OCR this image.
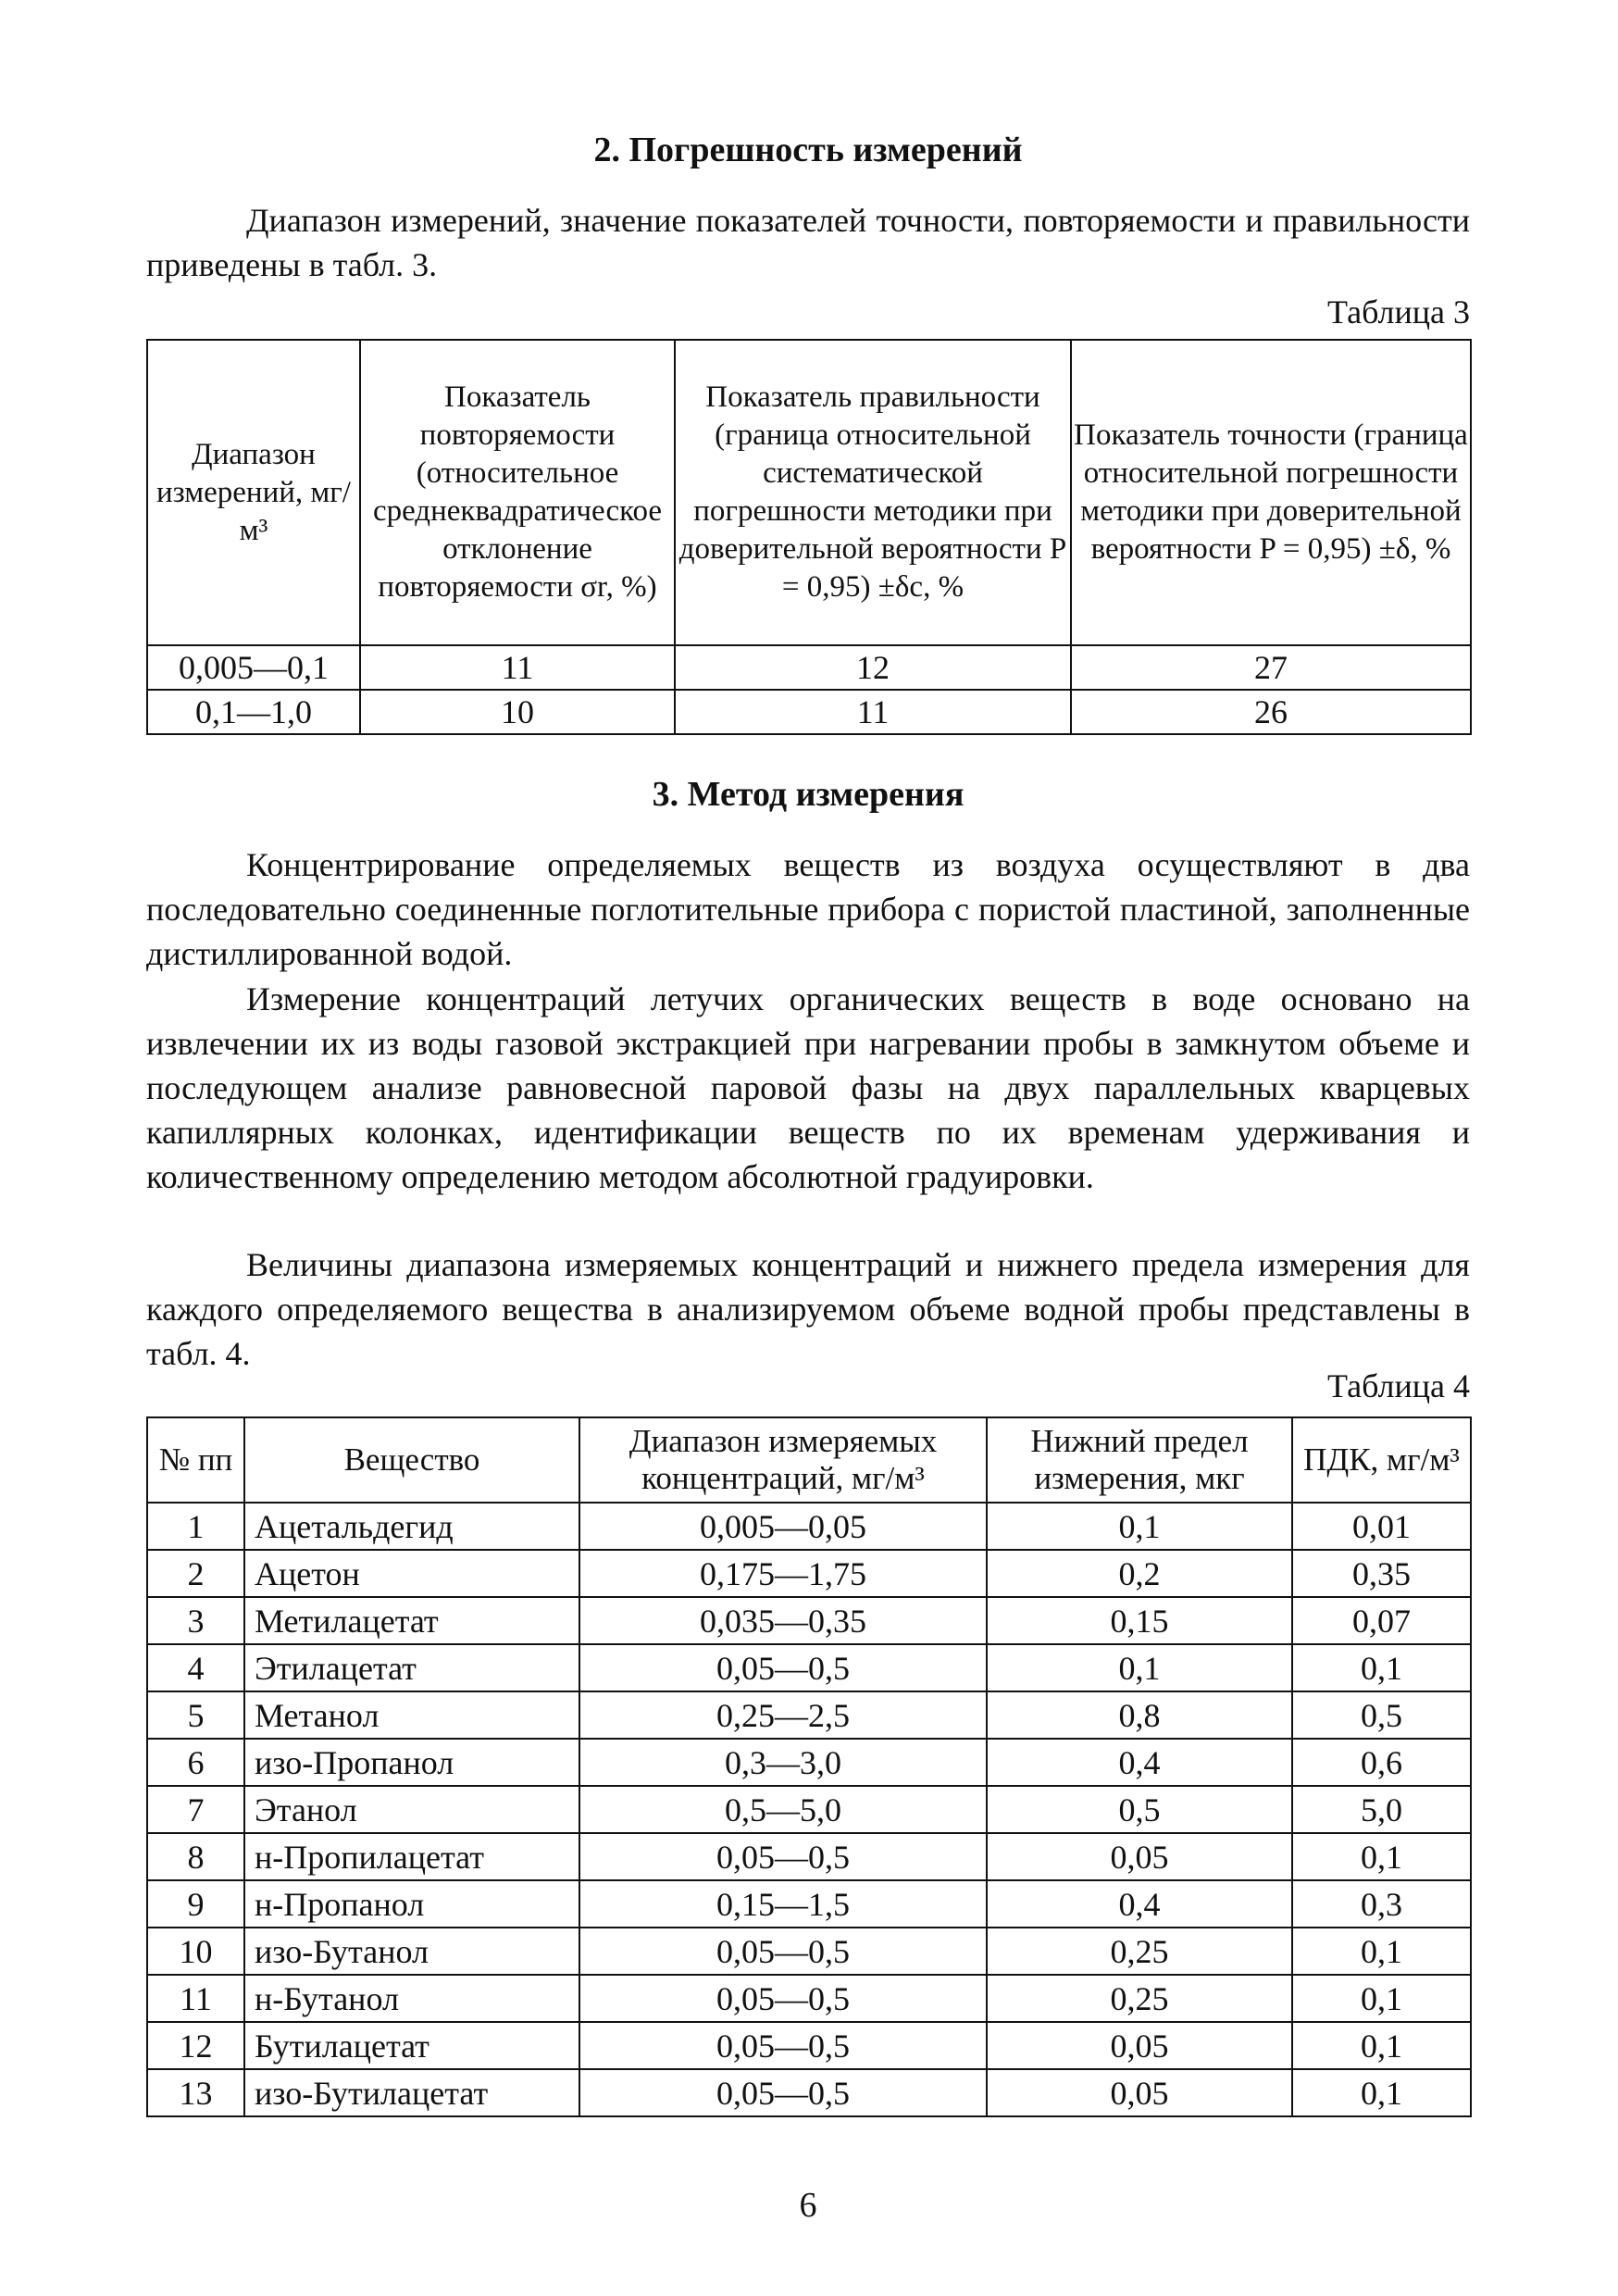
2. Погрешность измерений

Диапазон измерений, значение показателей точности, повторяемости и правильности приведены в табл. 3.

Таблица 3

Диапазон измерений, мг/м³	Показатель повторяемости (относительное среднеквадратическое отклонение повторяемости σr, %)	Показатель правильности (граница относительной систематической погрешности методики при доверительной вероятности P = 0,95) ±δc, %	Показатель точности (граница относительной погрешности методики при доверительной вероятности P = 0,95) ±δ, %
0,005—0,1	11	12	27
0,1—1,0	10	11	26
3. Метод измерения

Концентрирование определяемых веществ из воздуха осуществляют в два последовательно соединенные поглотительные прибора с пористой пластиной, заполненные дистиллированной водой.

Измерение концентраций летучих органических веществ в воде основано на извлечении их из воды газовой экстракцией при нагревании пробы в замкнутом объеме и последующем анализе равновесной паровой фазы на двух параллельных кварцевых капиллярных колонках, идентификации веществ по их временам удерживания и количественному определению методом абсолютной градуировки.

Величины диапазона измеряемых концентраций и нижнего предела измерения для каждого определяемого вещества в анализируемом объеме водной пробы представлены в табл. 4.

Таблица 4

№ пп	Вещество	Диапазон измеряемых концентраций, мг/м³	Нижний предел измерения, мкг	ПДК, мг/м³
1	Ацетальдегид	0,005—0,05	0,1	0,01
2	Ацетон	0,175—1,75	0,2	0,35
3	Метилацетат	0,035—0,35	0,15	0,07
4	Этилацетат	0,05—0,5	0,1	0,1
5	Метанол	0,25—2,5	0,8	0,5
6	изо-Пропанол	0,3—3,0	0,4	0,6
7	Этанол	0,5—5,0	0,5	5,0
8	н-Пропилацетат	0,05—0,5	0,05	0,1
9	н-Пропанол	0,15—1,5	0,4	0,3
10	изо-Бутанол	0,05—0,5	0,25	0,1
11	н-Бутанол	0,05—0,5	0,25	0,1
12	Бутилацетат	0,05—0,5	0,05	0,1
13	изо-Бутилацетат	0,05—0,5	0,05	0,1
6
